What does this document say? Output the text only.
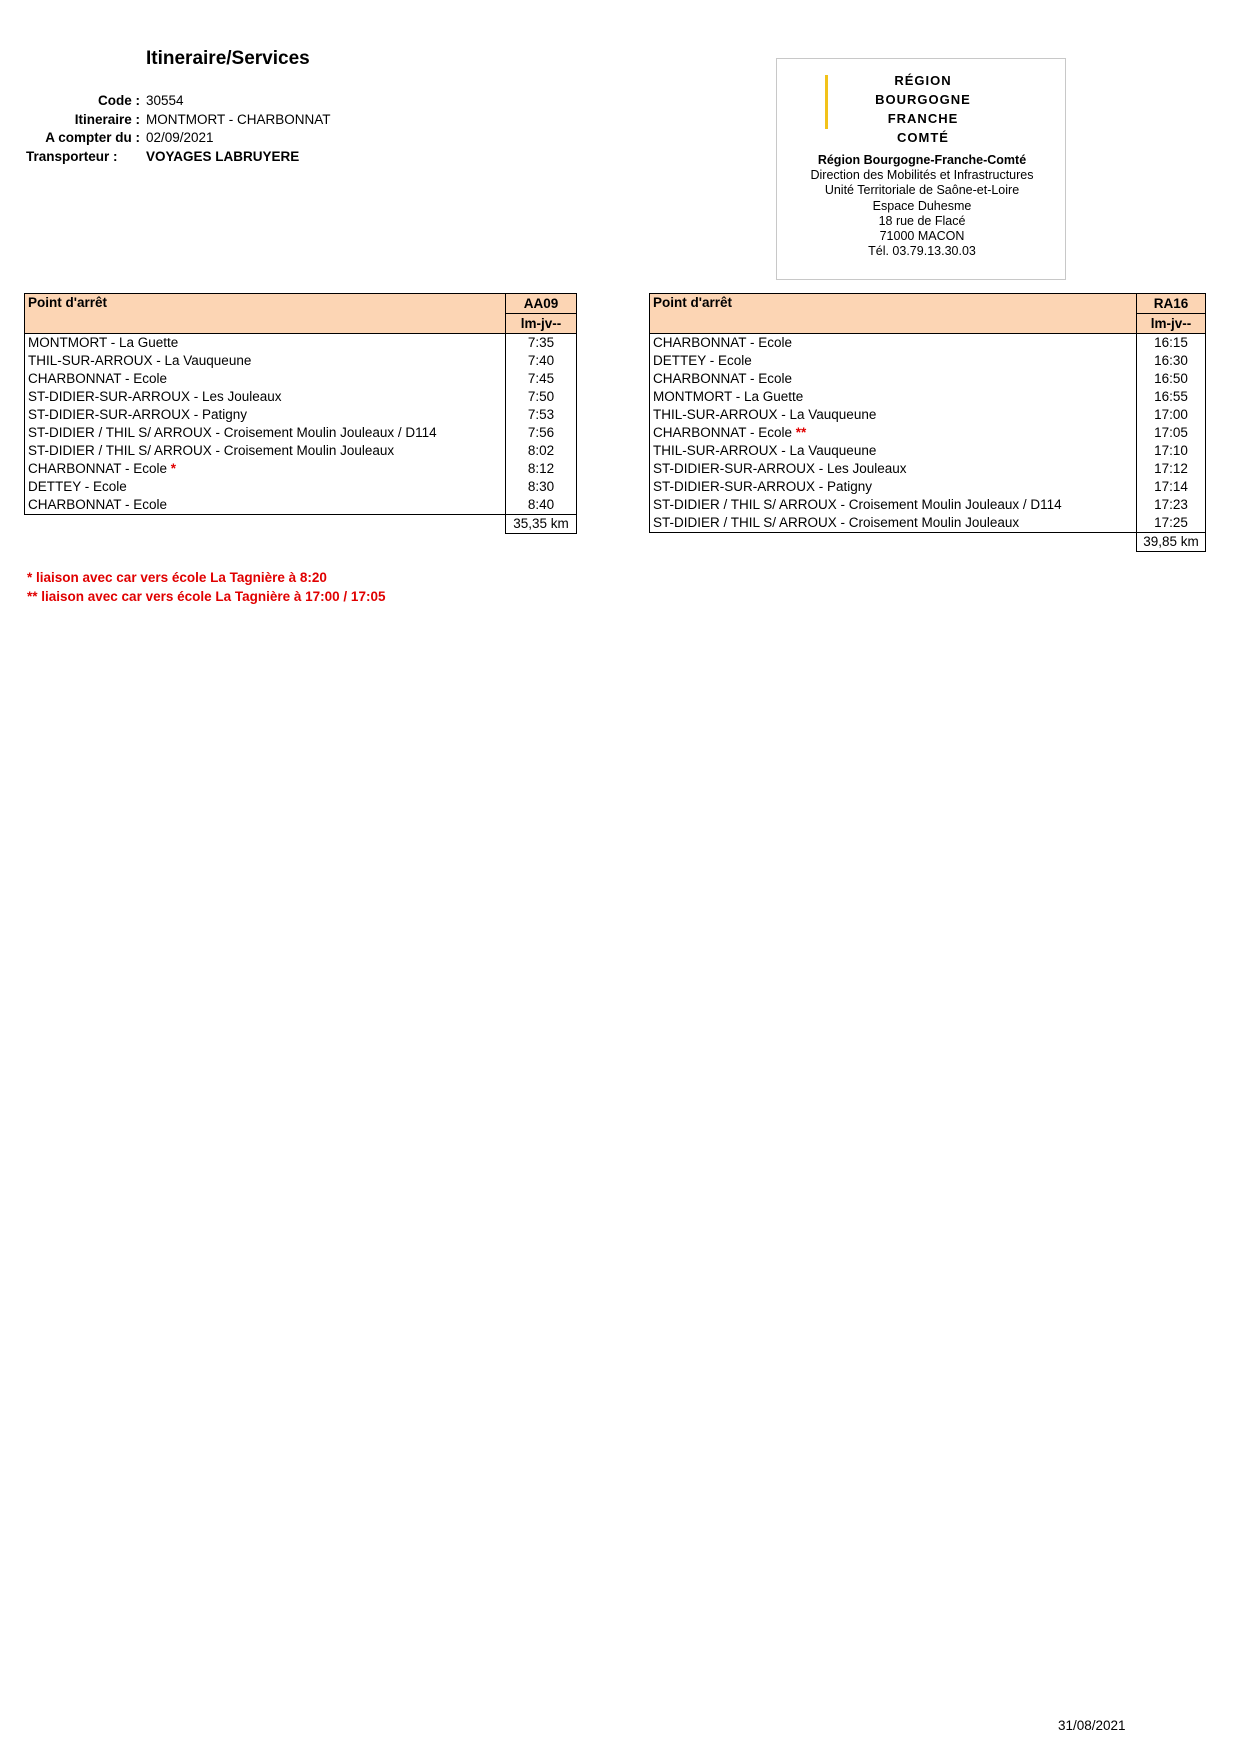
Itineraire/Services
Code : 30554
Itineraire : MONTMORT - CHARBONNAT
A compter du : 02/09/2021
Transporteur :	VOYAGES LABRUYERE
RÉGION
BOURGOGNE
FRANCHE
COMTÉ
Région Bourgogne-Franche-Comté
Direction des Mobilités et Infrastructures
Unité Territoriale de Saône-et-Loire
Espace Duhesme
18 rue de Flacé
71000 MACON
Tél. 03.79.13.30.03
Point d'arrêt	AA09
	lm-jv--
MONTMORT - La Guette	7:35
THIL-SUR-ARROUX - La Vauqueune	7:40
CHARBONNAT - Ecole	7:45
ST-DIDIER-SUR-ARROUX - Les Jouleaux	7:50
ST-DIDIER-SUR-ARROUX - Patigny	7:53
ST-DIDIER / THIL S/ ARROUX - Croisement Moulin Jouleaux / D114	7:56
ST-DIDIER / THIL S/ ARROUX - Croisement Moulin Jouleaux	8:02
CHARBONNAT - Ecole *	8:12
DETTEY - Ecole	8:30
CHARBONNAT - Ecole	8:40
	35,35 km
Point d'arrêt	RA16
	lm-jv--
CHARBONNAT - Ecole	16:15
DETTEY - Ecole	16:30
CHARBONNAT - Ecole	16:50
MONTMORT - La Guette	16:55
THIL-SUR-ARROUX - La Vauqueune	17:00
CHARBONNAT - Ecole **	17:05
THIL-SUR-ARROUX - La Vauqueune	17:10
ST-DIDIER-SUR-ARROUX - Les Jouleaux	17:12
ST-DIDIER-SUR-ARROUX - Patigny	17:14
ST-DIDIER / THIL S/ ARROUX - Croisement Moulin Jouleaux / D114	17:23
ST-DIDIER / THIL S/ ARROUX - Croisement Moulin Jouleaux	17:25
	39,85 km
* liaison avec car vers école La Tagnière à 8:20
** liaison avec car vers école La Tagnière à 17:00 / 17:05
31/08/2021
